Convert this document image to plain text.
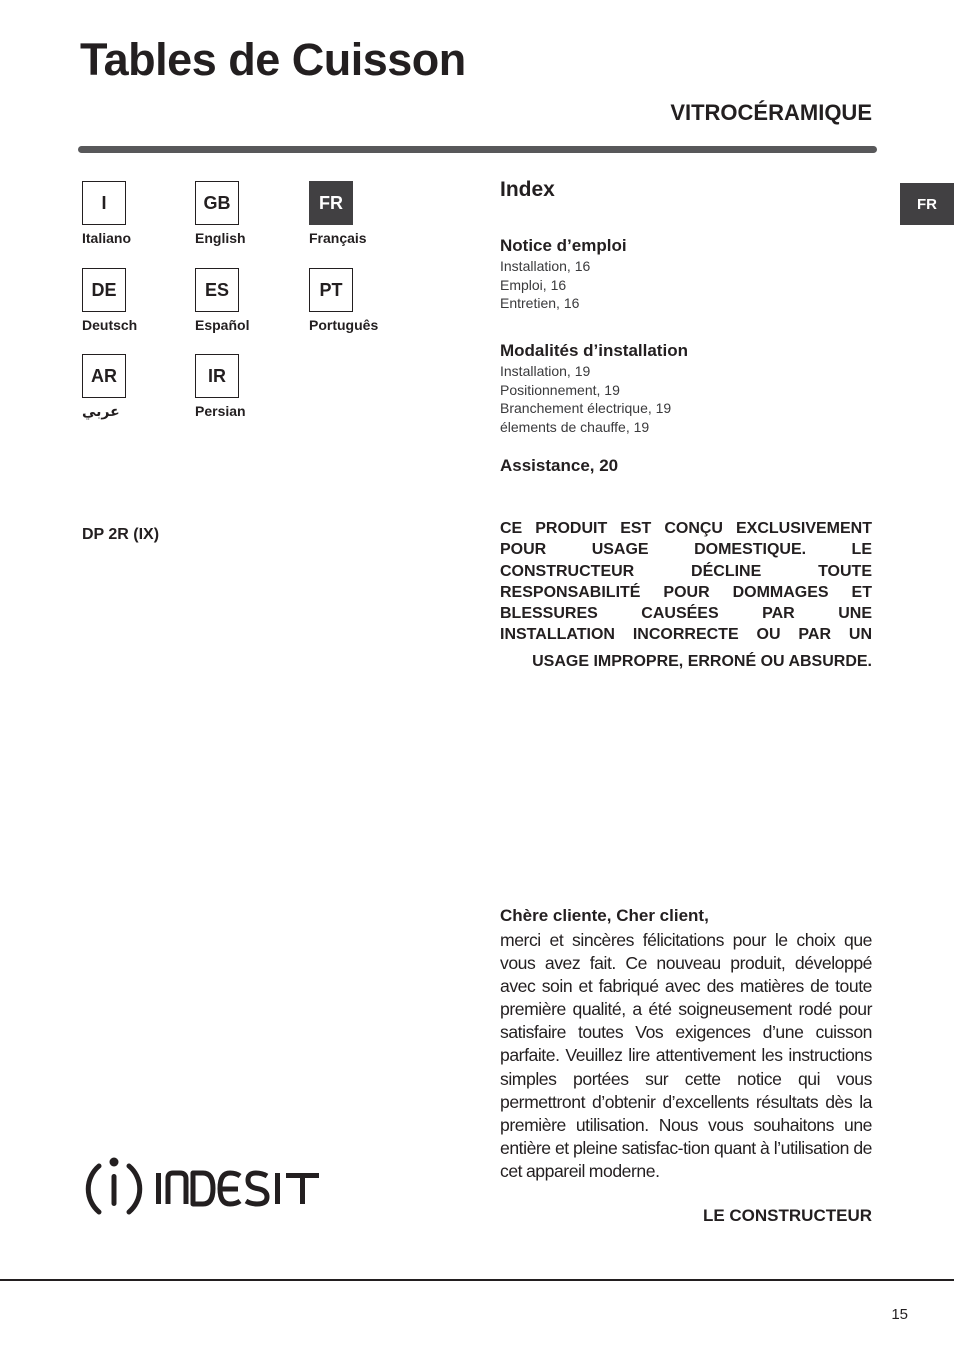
Tables de Cuisson
VITROCÉRAMIQUE
FR
I
Italiano
GB
English
FR
Français
DE
Deutsch
ES
Español
PT
Português
AR
عربي
IR
Persian
DP 2R (IX)
Index
Notice d’emploi
Installation, 16
Emploi, 16
Entretien, 16
Modalités d’installation
Installation, 19
Positionnement, 19
Branchement électrique, 19
élements de chauffe, 19
Assistance, 20
CE PRODUIT EST CONÇU EXCLUSIVEMENT POUR USAGE DOMESTIQUE. LE CONSTRUCTEUR DÉCLINE TOUTE RESPONSABILITÉ POUR DOMMAGES ET BLESSURES CAUSÉES PAR UNE INSTALLATION INCORRECTE OU PAR UN
USAGE IMPROPRE, ERRONÉ OU ABSURDE.
Chère cliente, Cher client,
merci et sincères félicitations pour le choix que vous avez fait. Ce nouveau produit, développé avec soin et fabriqué avec des matières de toute première qualité, a été soigneusement rodé pour satisfaire toutes Vos exigences d’une cuisson parfaite. Veuillez lire attentivement les instructions simples portées sur cette notice qui vous permettront d’obtenir d’excellents résultats dès la première utilisation. Nous vous souhaitons une entière et pleine satisfac-tion quant à l’utilisation de cet appareil moderne.
LE CONSTRUCTEUR
15
